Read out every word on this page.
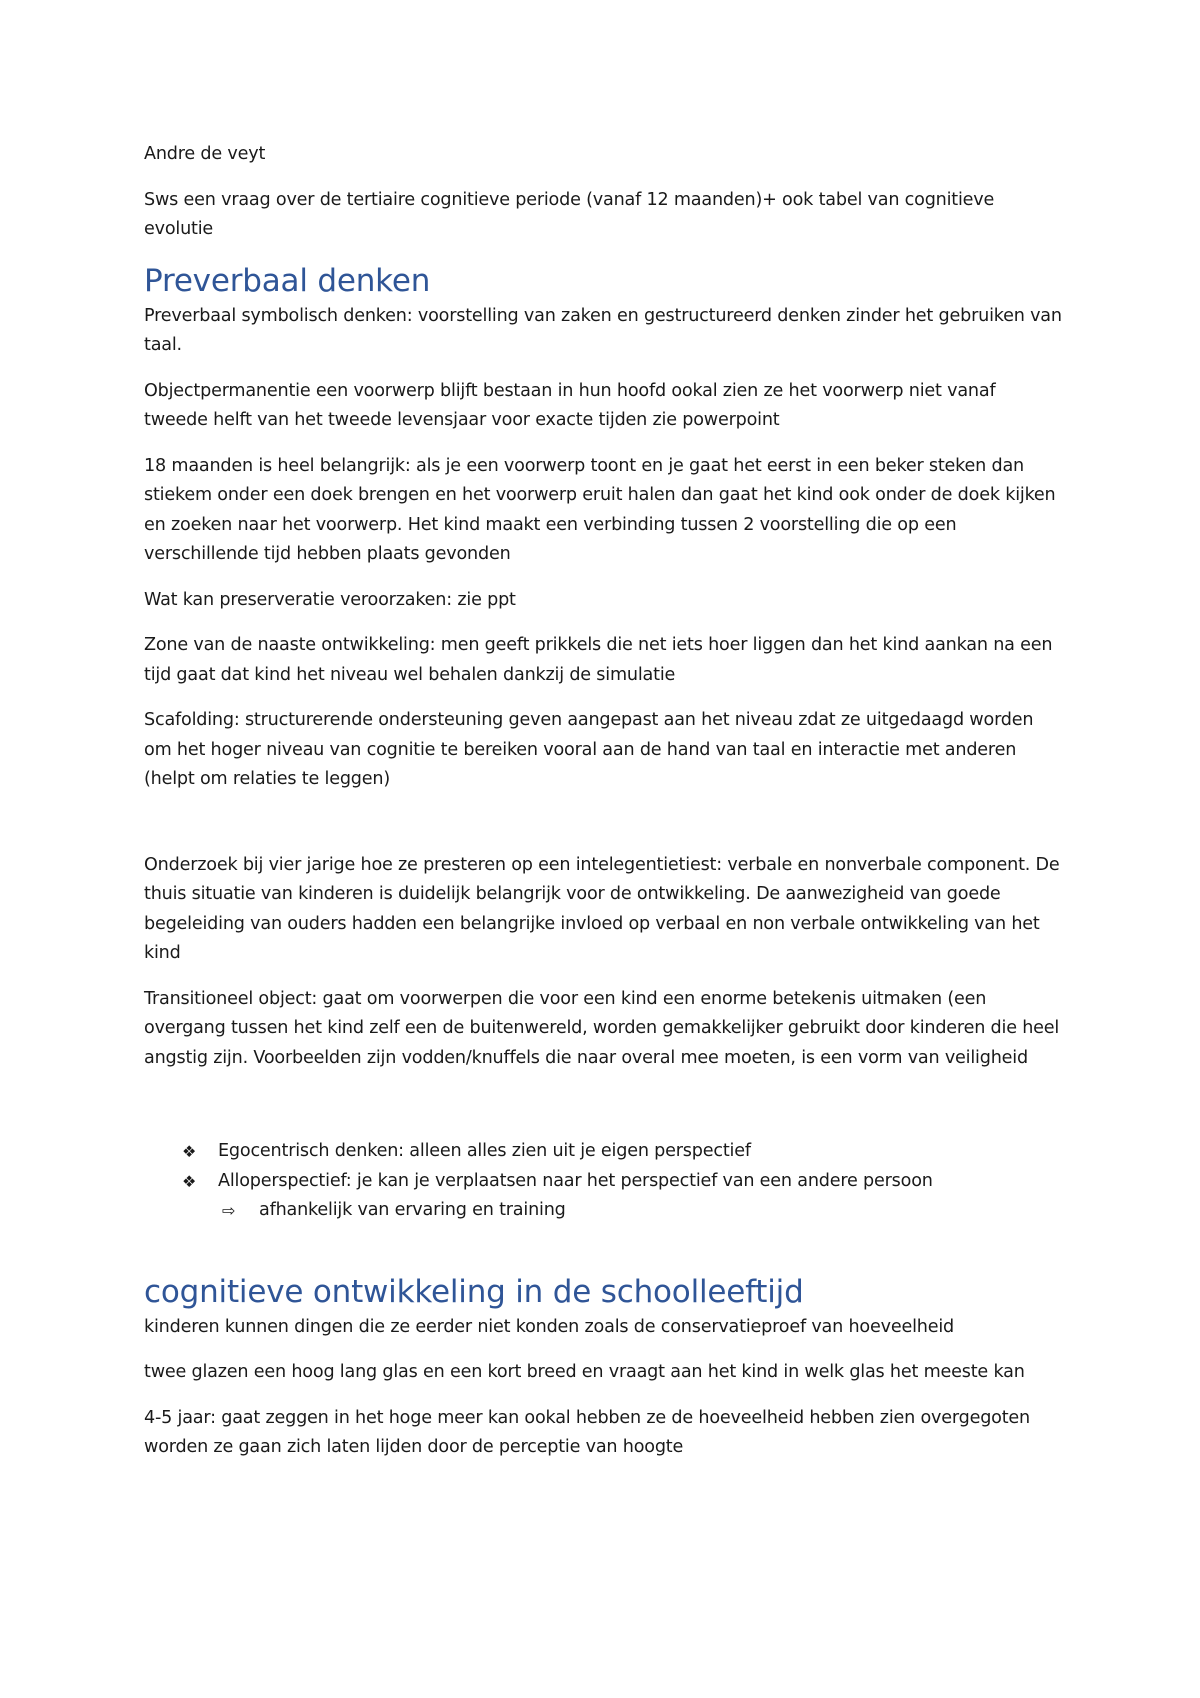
Andre de veyt

Sws een vraag over de tertiaire cognitieve periode (vanaf 12 maanden)+ ook tabel van cognitieve evolutie

Preverbaal denken

Preverbaal symbolisch denken: voorstelling van zaken en gestructureerd denken zinder het gebruiken van taal.

Objectpermanentie een voorwerp blijft bestaan in hun hoofd ookal zien ze het voorwerp niet vanaf tweede helft van het tweede levensjaar voor exacte tijden zie powerpoint

18 maanden is heel belangrijk: als je een voorwerp toont en je gaat het eerst in een beker steken dan stiekem onder een doek brengen en het voorwerp eruit halen dan gaat het kind ook onder de doek kijken en zoeken naar het voorwerp. Het kind maakt een verbinding tussen 2 voorstelling die op een verschillende tijd hebben plaats gevonden

Wat kan preserveratie veroorzaken: zie ppt

Zone van de naaste ontwikkeling: men geeft prikkels die net iets hoer liggen dan het kind aankan na een tijd gaat dat kind het niveau wel behalen dankzij de simulatie

Scafolding: structurerende ondersteuning geven aangepast aan het niveau zdat ze uitgedaagd worden om het hoger niveau van cognitie te bereiken vooral aan de hand van taal en interactie met anderen (helpt om relaties te leggen)

Onderzoek bij vier jarige hoe ze presteren op een intelegentietiest: verbale en nonverbale component. De thuis situatie van kinderen is duidelijk belangrijk voor de ontwikkeling. De aanwezigheid van goede begeleiding van ouders hadden een belangrijke invloed op verbaal en non verbale ontwikkeling van het kind

Transitioneel object: gaat om voorwerpen die voor een kind een enorme betekenis uitmaken (een overgang tussen het kind zelf een de buitenwereld, worden gemakkelijker gebruikt door kinderen die heel angstig zijn. Voorbeelden zijn vodden/knuffels die naar overal mee moeten, is een vorm van veiligheid

❖ Egocentrisch denken: alleen alles zien uit je eigen perspectief
❖ Alloperspectief: je kan je verplaatsen naar het perspectief van een andere persoon
⇨ afhankelijk van ervaring en training
cognitieve ontwikkeling in de schoolleeftijd

kinderen kunnen dingen die ze eerder niet konden zoals de conservatieproef van hoeveelheid

twee glazen een hoog lang glas en een kort breed en vraagt aan het kind in welk glas het meeste kan

4-5 jaar: gaat zeggen in het hoge meer kan ookal hebben ze de hoeveelheid hebben zien overgegoten worden ze gaan zich laten lijden door de perceptie van hoogte
